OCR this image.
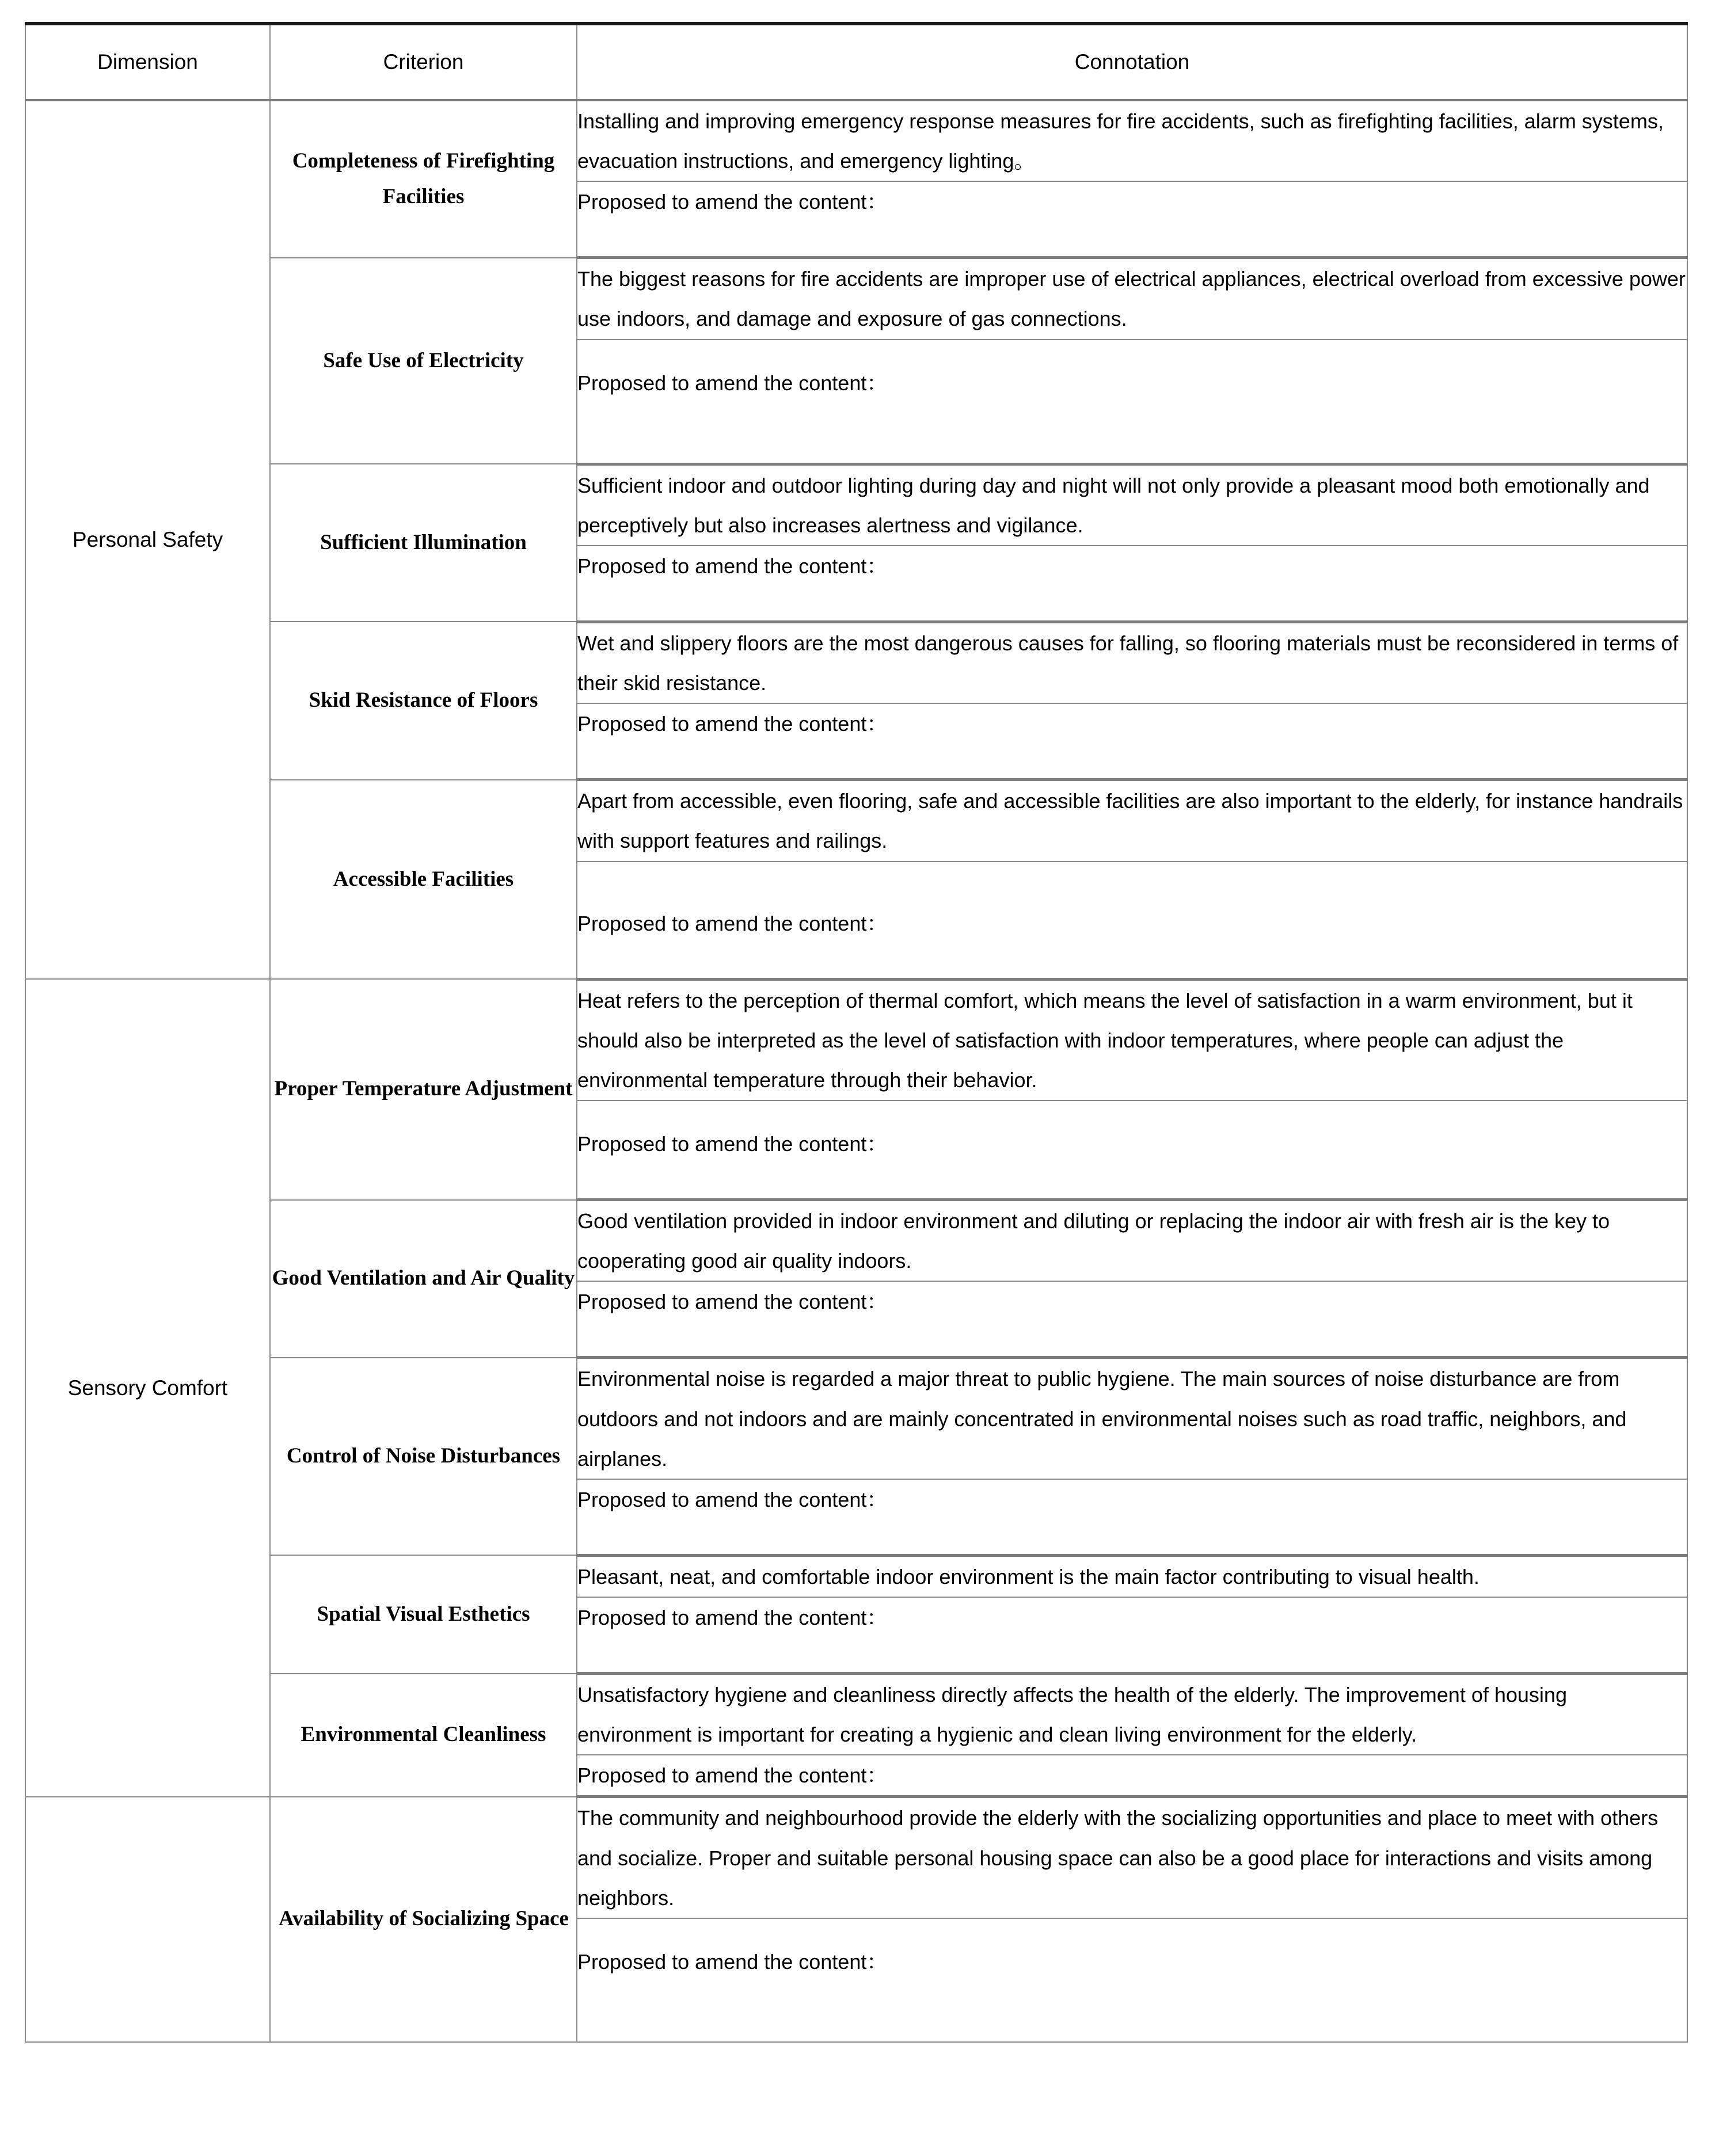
Dimension	Criterion	Connotation
Personal Safety	Completeness of Firefighting Facilities	Installing and improving emergency response measures for fire accidents, such as firefighting facilities, alarm systems, evacuation instructions, and emergency lighting。
		Proposed to amend the content：
	Safe Use of Electricity	The biggest reasons for fire accidents are improper use of electrical appliances, electrical overload from excessive power use indoors, and damage and exposure of gas connections.
		Proposed to amend the content：
	Sufficient Illumination	Sufficient indoor and outdoor lighting during day and night will not only provide a pleasant mood both emotionally and perceptively but also increases alertness and vigilance.
		Proposed to amend the content：
	Skid Resistance of Floors	Wet and slippery floors are the most dangerous causes for falling, so flooring materials must be reconsidered in terms of their skid resistance.
		Proposed to amend the content：
	Accessible Facilities	Apart from accessible, even flooring, safe and accessible facilities are also important to the elderly, for instance handrails with support features and railings.
		Proposed to amend the content：
Sensory Comfort	Proper Temperature Adjustment	Heat refers to the perception of thermal comfort, which means the level of satisfaction in a warm environment, but it should also be interpreted as the level of satisfaction with indoor temperatures, where people can adjust the environmental temperature through their behavior.
		Proposed to amend the content：
	Good Ventilation and Air Quality	Good ventilation provided in indoor environment and diluting or replacing the indoor air with fresh air is the key to cooperating good air quality indoors.
		Proposed to amend the content：
	Control of Noise Disturbances	Environmental noise is regarded a major threat to public hygiene. The main sources of noise disturbance are from outdoors and not indoors and are mainly concentrated in environmental noises such as road traffic, neighbors, and airplanes.
		Proposed to amend the content：
	Spatial Visual Esthetics	Pleasant, neat, and comfortable indoor environment is the main factor contributing to visual health.
		Proposed to amend the content：
	Environmental Cleanliness	Unsatisfactory hygiene and cleanliness directly affects the health of the elderly. The improvement of housing environment is important for creating a hygienic and clean living environment for the elderly.
		Proposed to amend the content：
	Availability of Socializing Space	The community and neighbourhood provide the elderly with the socializing opportunities and place to meet with others and socialize. Proper and suitable personal housing space can also be a good place for interactions and visits among neighbors.
		Proposed to amend the content：
